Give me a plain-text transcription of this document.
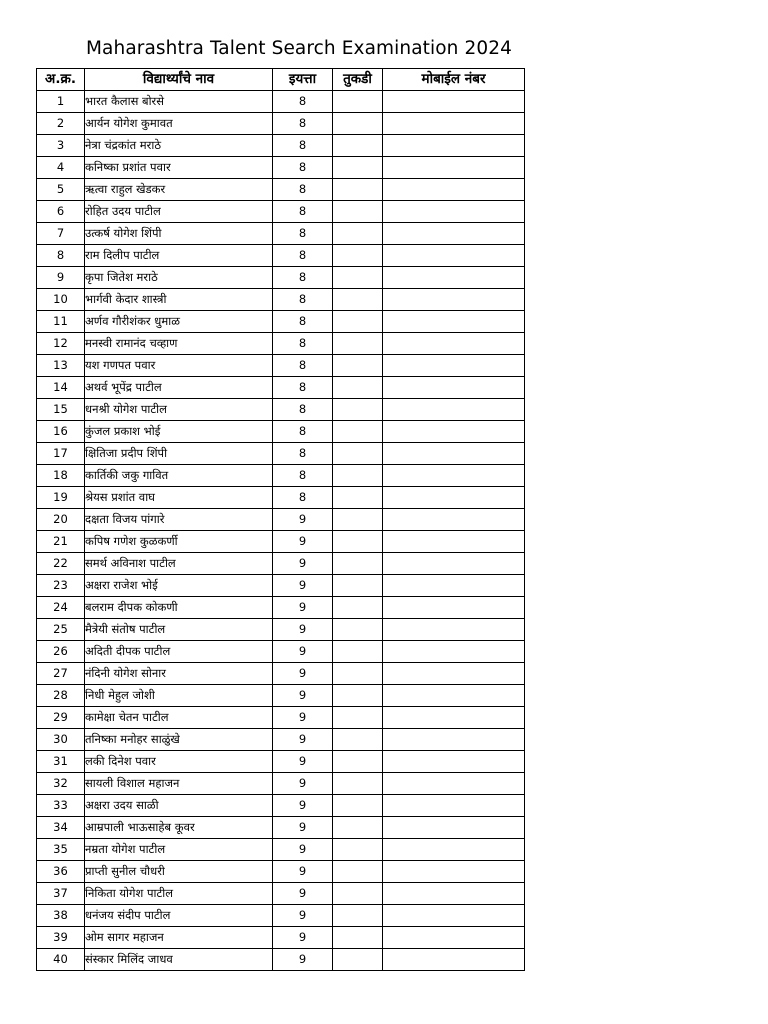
Maharashtra Talent Search Examination 2024
अ.क्र.	विद्यार्थ्यांचे नाव	इयत्ता	तुकडी	मोबाईल नंबर
1	भारत कैलास बोरसे	8		
2	आर्यन योगेश कुमावत	8		
3	नेत्रा चंद्रकांत मराठे	8		
4	कनिष्का प्रशांत पवार	8		
5	ऋत्वा राहुल खेडकर	8		
6	रोहित उदय पाटील	8		
7	उत्कर्ष योगेश शिंपी	8		
8	राम दिलीप पाटील	8		
9	कृपा जितेश मराठे	8		
10	भार्गवी केदार शास्त्री	8		
11	अर्णव गौरीशंकर धुमाळ	8		
12	मनस्वी रामानंद चव्हाण	8		
13	यश गणपत पवार	8		
14	अथर्व भूपेंद्र पाटील	8		
15	धनश्री योगेश पाटील	8		
16	कुंजल प्रकाश भोई	8		
17	क्षितिजा प्रदीप शिंपी	8		
18	कार्तिकी जकु गावित	8		
19	श्रेयस प्रशांत वाघ	8		
20	दक्षता विजय पांगारे	9		
21	कपिष गणेश कुळकर्णी	9		
22	समर्थ अविनाश पाटील	9		
23	अक्षरा राजेश भोई	9		
24	बलराम दीपक कोकणी	9		
25	मैत्रेयी संतोष पाटील	9		
26	अदिती दीपक पाटील	9		
27	नंदिनी योगेश सोनार	9		
28	निधी मेहुल जोशी	9		
29	कामेक्षा चेतन पाटील	9		
30	तनिष्का मनोहर साळुंखे	9		
31	लकी दिनेश पवार	9		
32	सायली विशाल महाजन	9		
33	अक्षरा उदय साळी	9		
34	आम्रपाली भाऊसाहेब कूवर	9		
35	नम्रता योगेश पाटील	9		
36	प्राप्ती सुनील चौधरी	9		
37	निकिता योगेश पाटील	9		
38	धनंजय संदीप पाटील	9		
39	ओम सागर महाजन	9		
40	संस्कार मिलिंद जाधव	9		
